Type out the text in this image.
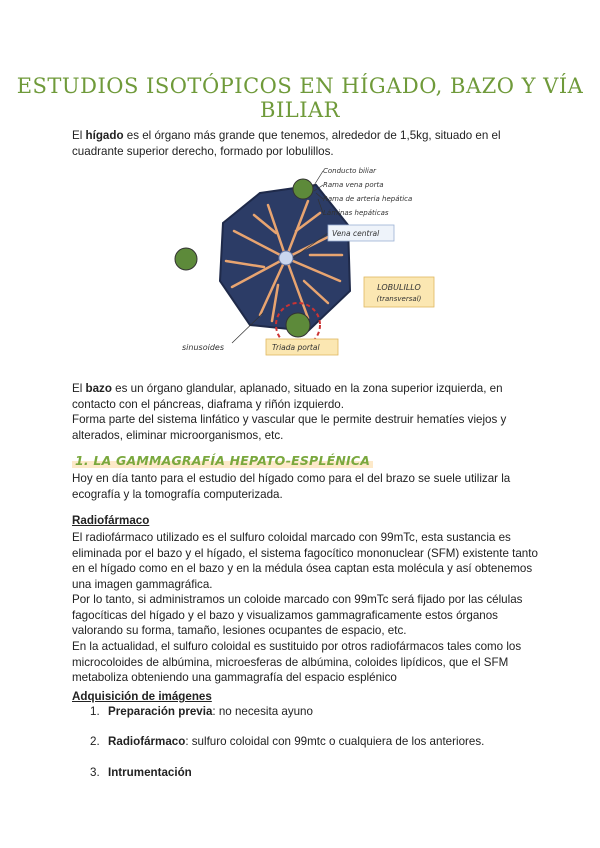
ESTUDIOS ISOTÓPICOS EN HÍGADO, BAZO Y VÍA BILIAR

El hígado es el órgano más grande que tenemos, alrededor de 1,5kg, situado en el cuadrante superior derecho, formado por lobulillos.

Conducto biliar
Rama vena porta
Rama de arteria hepática
Láminas hepáticas
Vena central
LOBULILLO
(transversal)
sinusoides	Triada portal

El bazo es un órgano glandular, aplanado, situado en la zona superior izquierda, en contacto con el páncreas, diaframa y riñón izquierdo.

Forma parte del sistema linfático y vascular que le permite destruir hematíes viejos y alterados, eliminar microorganismos, etc.

1. LA GAMMAGRAFÍA HEPATO-ESPLÉNICA

Hoy en día tanto para el estudio del hígado como para el del brazo se suele utilizar la ecografía y la tomografía computerizada.

Radiofármaco

El radiofármaco utilizado es el sulfuro coloidal marcado con 99mTc, esta sustancia es eliminada por el bazo y el hígado, el sistema fagocítico mononuclear (SFM) existente tanto en el hígado como en el bazo y en la médula ósea captan esta molécula y así obtenemos una imagen gammagráfica.

Por lo tanto, si administramos un coloide marcado con 99mTc será fijado por las células fagocíticas del hígado y el bazo y visualizamos gammagraficamente estos órganos valorando su forma, tamaño, lesiones ocupantes de espacio, etc.

En la actualidad, el sulfuro coloidal es sustituido por otros radiofármacos tales como los microcoloides de albúmina, microesferas de albúmina, coloides lipídicos, que el SFM metaboliza obteniendo una gammagrafía del espacio esplénico

Adquisición de imágenes
1. Preparación previa: no necesita ayuno
2. Radiofármaco: sulfuro coloidal con 99mtc o cualquiera de los anteriores.
3. Intrumentación
